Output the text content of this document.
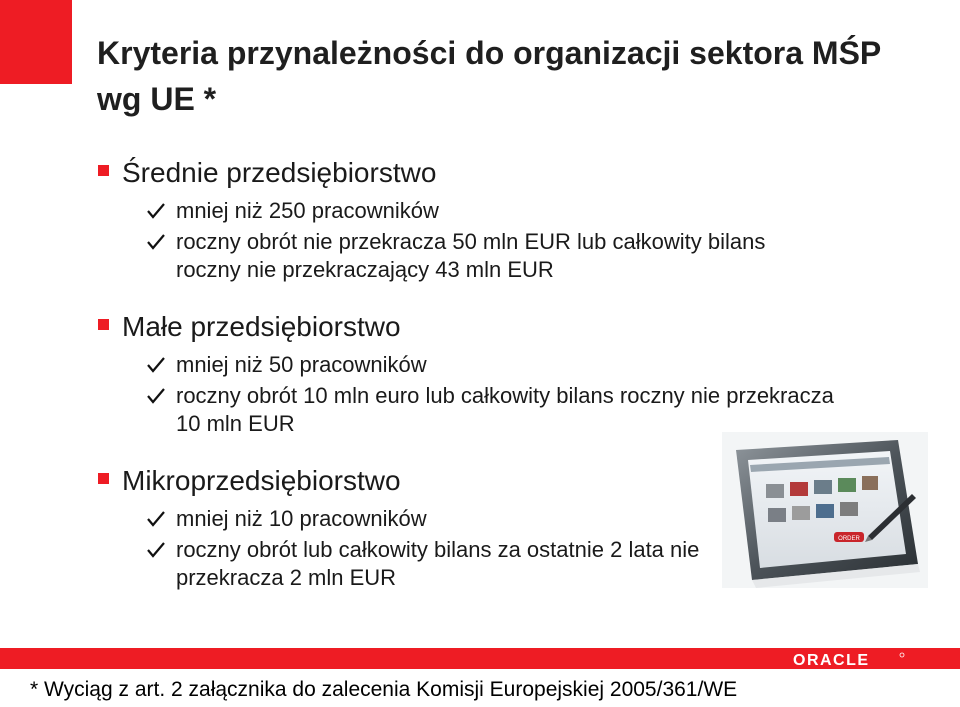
Kryteria przynależności do organizacji sektora MŚP wg UE *
Średnie przedsiębiorstwo
mniej niż 250 pracowników
roczny obrót nie przekracza 50 mln EUR lub całkowity bilans roczny nie przekraczający 43 mln EUR
Małe przedsiębiorstwo
mniej niż 50 pracowników
roczny obrót 10 mln euro lub całkowity bilans roczny nie przekracza 10 mln EUR
Mikroprzedsiębiorstwo
mniej niż 10 pracowników
roczny obrót lub całkowity bilans za ostatnie 2 lata nie przekracza 2 mln EUR
ORDER
ORACLE
* Wyciąg z art. 2 załącznika do zalecenia Komisji Europejskiej 2005/361/WE
